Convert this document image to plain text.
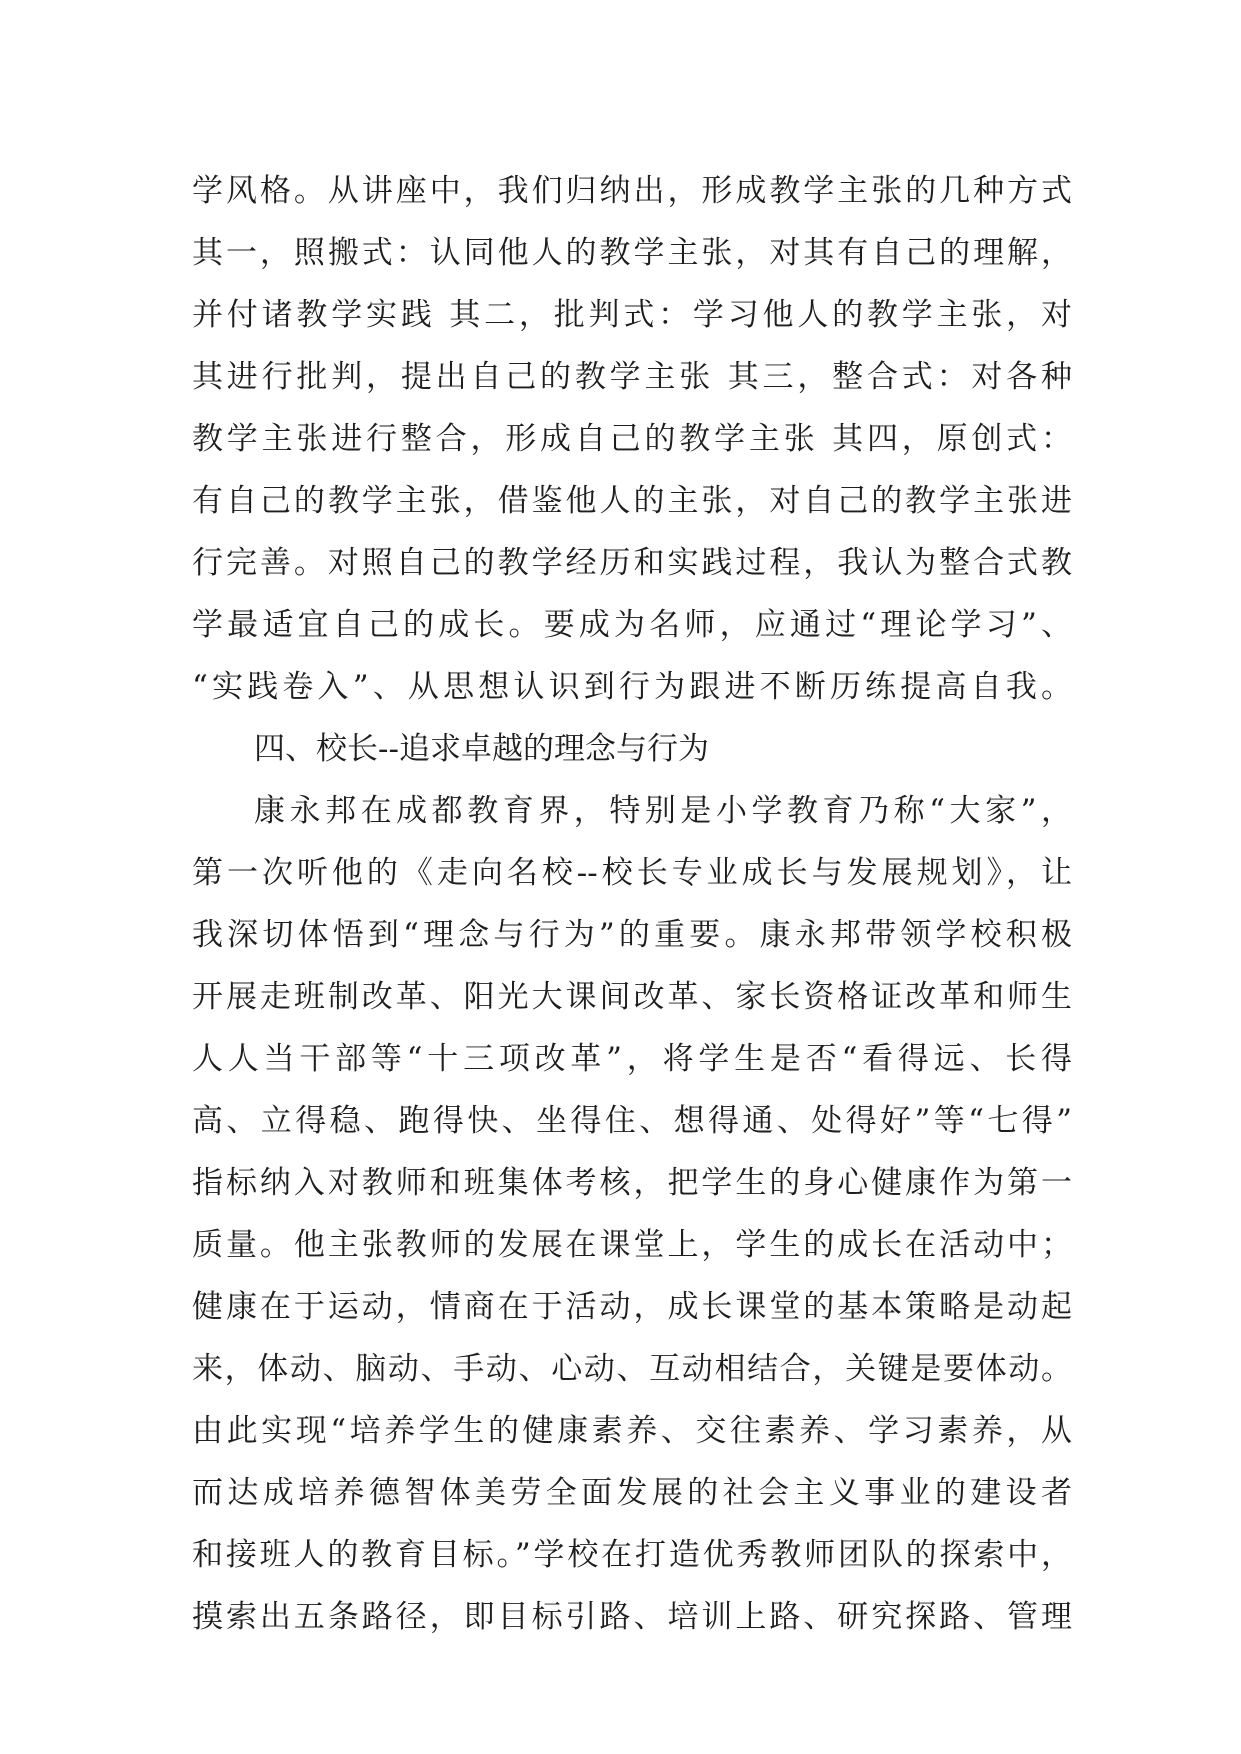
学风格。从讲座中，我们归纳出，形成教学主张的几种方式
其一，照搬式：认同他人的教学主张，对其有自己的理解，
并付诸教学实践 其二，批判式：学习他人的教学主张，对
其进行批判，提出自己的教学主张 其三，整合式：对各种
教学主张进行整合，形成自己的教学主张 其四，原创式：
有自己的教学主张，借鉴他人的主张，对自己的教学主张进
行完善。对照自己的教学经历和实践过程，我认为整合式教
学最适宜自己的成长。要成为名师，应通过“理论学习”、
“实践卷入”、从思想认识到行为跟进不断历练提高自我。
四、校长--追求卓越的理念与行为
康永邦在成都教育界，特别是小学教育乃称“大家”，
第一次听他的《走向名校--校长专业成长与发展规划》，让
我深切体悟到“理念与行为”的重要。康永邦带领学校积极
开展走班制改革、阳光大课间改革、家长资格证改革和师生
人人当干部等“十三项改革”，将学生是否“看得远、长得
高、立得稳、跑得快、坐得住、想得通、处得好”等“七得”
指标纳入对教师和班集体考核，把学生的身心健康作为第一
质量。他主张教师的发展在课堂上，学生的成长在活动中；
健康在于运动，情商在于活动，成长课堂的基本策略是动起
来，体动、脑动、手动、心动、互动相结合，关键是要体动。
由此实现“培养学生的健康素养、交往素养、学习素养，从
而达成培养德智体美劳全面发展的社会主义事业的建设者
和接班人的教育目标。”学校在打造优秀教师团队的探索中，
摸索出五条路径，即目标引路、培训上路、研究探路、管理
